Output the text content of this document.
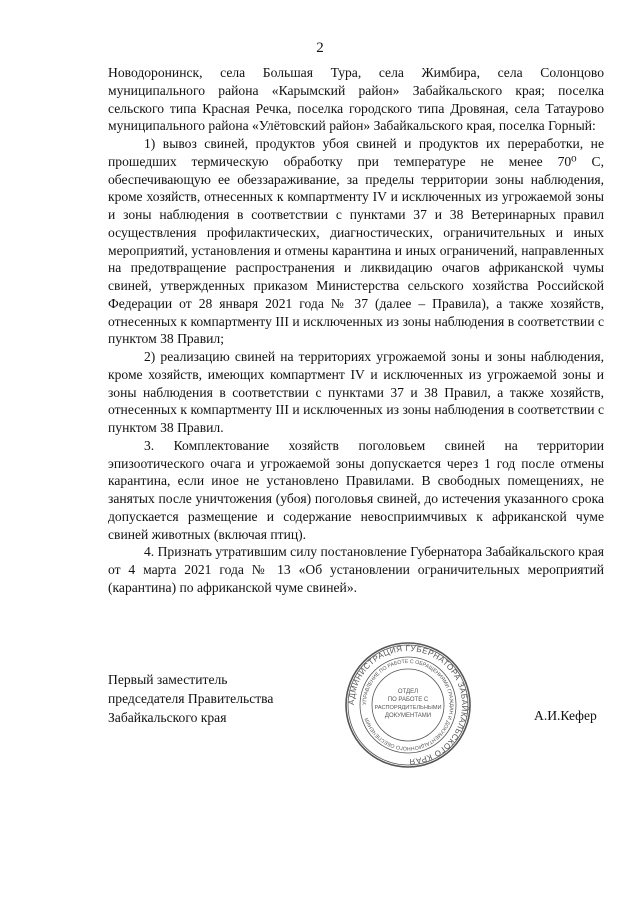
2

Новодоронинск, села Большая Тура, села Жимбира, села Солонцово муниципального района «Карымский район» Забайкальского края; поселка сельского типа Красная Речка, поселка городского типа Дровяная, села Татаурово муниципального района «Улётовский район» Забайкальского края, поселка Горный:

1) вывоз свиней, продуктов убоя свиней и продуктов их переработки, не прошедших термическую обработку при температуре не менее 70⁰ С, обеспечивающую ее обеззараживание, за пределы территории зоны наблюдения, кроме хозяйств, отнесенных к компартменту IV и исключенных из угрожаемой зоны и зоны наблюдения в соответствии с пунктами 37 и 38 Ветеринарных правил осуществления профилактических, диагностических, ограничительных и иных мероприятий, установления и отмены карантина и иных ограничений, направленных на предотвращение распространения и ликвидацию очагов африканской чумы свиней, утвержденных приказом Министерства сельского хозяйства Российской Федерации от 28 января 2021 года № 37 (далее – Правила), а также хозяйств, отнесенных к компартменту III и исключенных из зоны наблюдения в соответствии с пунктом 38 Правил;

2) реализацию свиней на территориях угрожаемой зоны и зоны наблюдения, кроме хозяйств, имеющих компартмент IV и исключенных из угрожаемой зоны и зоны наблюдения в соответствии с пунктами 37 и 38 Правил, а также хозяйств, отнесенных к компартменту III и исключенных из зоны наблюдения в соответствии с пунктом 38 Правил.

3. Комплектование хозяйств поголовьем свиней на территории эпизоотического очага и угрожаемой зоны допускается через 1 год после отмены карантина, если иное не установлено Правилами. В свободных помещениях, не занятых после уничтожения (убоя) поголовья свиней, до истечения указанного срока допускается размещение и содержание невосприимчивых к африканской чуме свиней животных (включая птиц).

4. Признать утратившим силу постановление Губернатора Забайкальского края от 4 марта 2021 года № 13 «Об установлении ограничительных мероприятий (карантина) по африканской чуме свиней».

Первый заместитель
председателя Правительства
Забайкальского края
АДМИНИСТРАЦИЯ ГУБЕРНАТОРА ЗАБАЙКАЛЬСКОГО КРАЯ
УПРАВЛЕНИЕ ПО РАБОТЕ С ОБРАЩЕНИЯМИ ГРАЖДАН И ДОКУМЕНТАЦИОННОГО ОБЕСПЕЧЕНИЯ
ОТДЕЛ
ПО РАБОТЕ С
РАСПОРЯДИТЕЛЬНЫМИ
ДОКУМЕНТАМИ	А.И.Кефер
